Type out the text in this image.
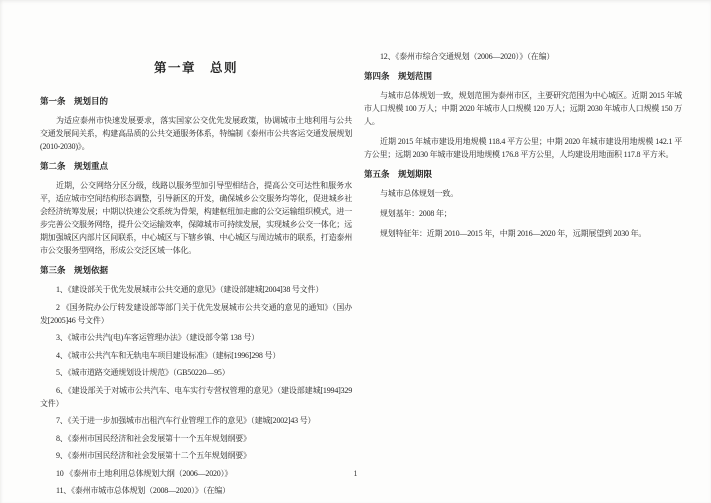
第一章　总则
第一条　规划目的

为适应泰州市快速发展要求，落实国家公交优先发展政策，协调城市土地利用与公共交通发展间关系，构建高品质的公共交通服务体系，特编制《泰州市公共客运交通发展规划(2010-2030)》。

第二条　规划重点

近期，公交网络分区分级，线路以服务型加引导型相结合，提高公交可达性和服务水平，适应城市空间结构形态调整，引导新区的开发，确保城乡公交服务均等化，促进城乡社会经济统筹发展；中期以快速公交系统为骨架，构建枢纽加走廊的公交运输组织模式，进一步完善公交服务网络，提升公交运输效率，保障城市可持续发展，实现城乡公交一体化；远期加强城区内部片区间联系，中心城区与下辖乡镇、中心城区与周边城市的联系，打造泰州市公交服务型网络，形成公交泛区域一体化。

第三条　规划依据

1、《建设部关于优先发展城市公共交通的意见》（建设部建城[2004]38 号文件）

2 《国务院办公厅转发建设部等部门关于优先发展城市公共交通的意见的通知》（国办发[2005]46 号文件）

3、《城市公共汽(电)车客运管理办法》（建设部令第 138 号）

4、《城市公共汽车和无轨电车项目建设标准》（建标[1996]298 号）

5、《城市道路交通规划设计规范》（GB50220—95）

6、《建设部关于对城市公共汽车、电车实行专营权管理的意见》（建设部建城[1994]329 文件）

7、《关于进一步加强城市出租汽车行业管理工作的意见》（建城[2002]43 号）

8、《泰州市国民经济和社会发展第十一个五年规划纲要》

9、《泰州市国民经济和社会发展第十二个五年规划纲要》

10 《泰州市土地利用总体规划大纲（2006—2020）》

11、《泰州市城市总体规划（2008—2020）》（在编）

12、《泰州市综合交通规划（2006—2020）》（在编）

第四条　规划范围

与城市总体规划一致，规划范围为泰州市区，主要研究范围为中心城区。近期 2015 年城市人口规模 100 万人；中期 2020 年城市人口规模 120 万人；远期 2030 年城市人口规模 150 万人。

近期 2015 年城市建设用地规模 118.4 平方公里；中期 2020 年城市建设用地规模 142.1 平方公里；远期 2030 年城市建设用地规模 176.8 平方公里，人均建设用地面积 117.8 平方米。

第五条　规划期限

与城市总体规划一致。

规划基年：2008 年；

规划特征年：近期 2010—2015 年，中期 2016—2020 年，远期展望到 2030 年。

1
